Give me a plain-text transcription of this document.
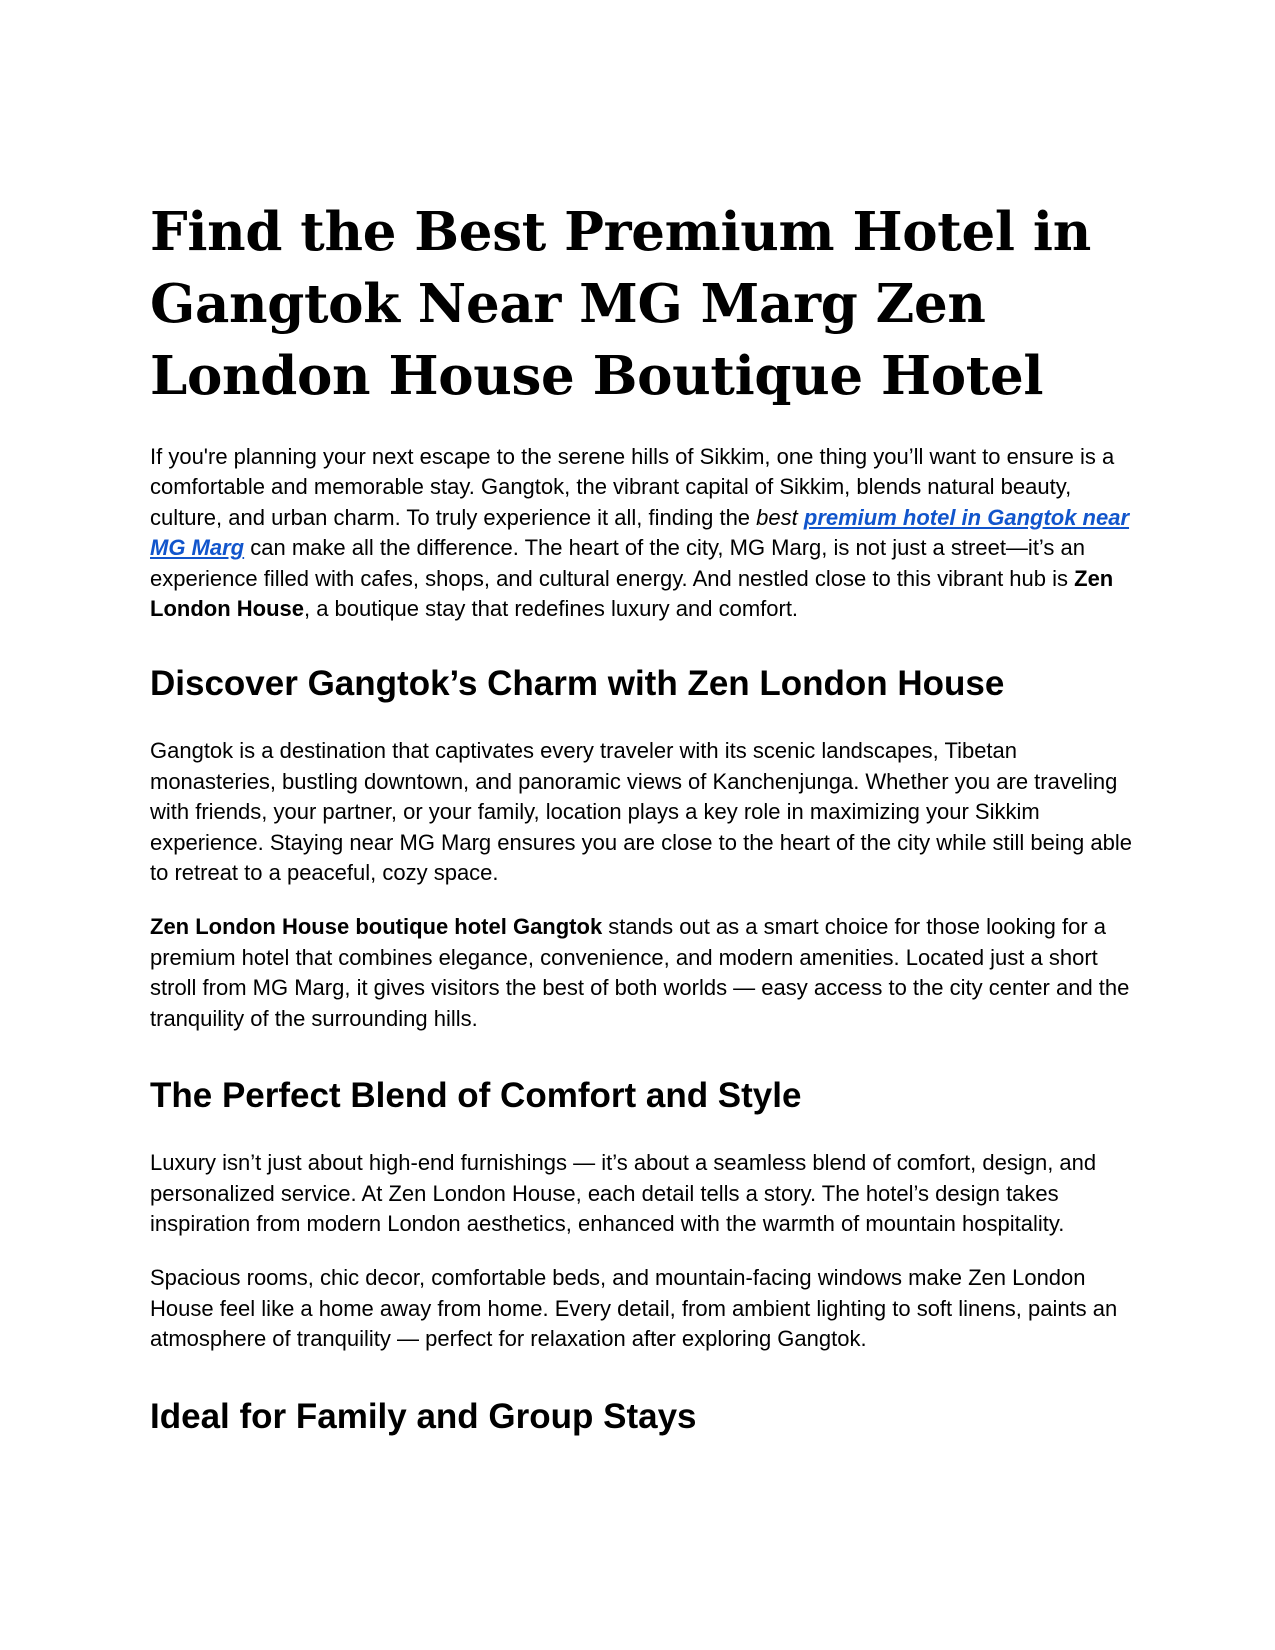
Find the Best Premium Hotel in Gangtok Near MG Marg Zen London House Boutique Hotel

If you're planning your next escape to the serene hills of Sikkim, one thing you’ll want to ensure is a comfortable and memorable stay. Gangtok, the vibrant capital of Sikkim, blends natural beauty, culture, and urban charm. To truly experience it all, finding the best premium hotel in Gangtok near MG Marg can make all the difference. The heart of the city, MG Marg, is not just a street—it’s an experience filled with cafes, shops, and cultural energy. And nestled close to this vibrant hub is Zen London House, a boutique stay that redefines luxury and comfort.

Discover Gangtok’s Charm with Zen London House

Gangtok is a destination that captivates every traveler with its scenic landscapes, Tibetan monasteries, bustling downtown, and panoramic views of Kanchenjunga. Whether you are traveling with friends, your partner, or your family, location plays a key role in maximizing your Sikkim experience. Staying near MG Marg ensures you are close to the heart of the city while still being able to retreat to a peaceful, cozy space.

Zen London House boutique hotel Gangtok stands out as a smart choice for those looking for a premium hotel that combines elegance, convenience, and modern amenities. Located just a short stroll from MG Marg, it gives visitors the best of both worlds — easy access to the city center and the tranquility of the surrounding hills.

The Perfect Blend of Comfort and Style

Luxury isn’t just about high-end furnishings — it’s about a seamless blend of comfort, design, and personalized service. At Zen London House, each detail tells a story. The hotel’s design takes inspiration from modern London aesthetics, enhanced with the warmth of mountain hospitality.

Spacious rooms, chic decor, comfortable beds, and mountain-facing windows make Zen London House feel like a home away from home. Every detail, from ambient lighting to soft linens, paints an atmosphere of tranquility — perfect for relaxation after exploring Gangtok.

Ideal for Family and Group Stays
